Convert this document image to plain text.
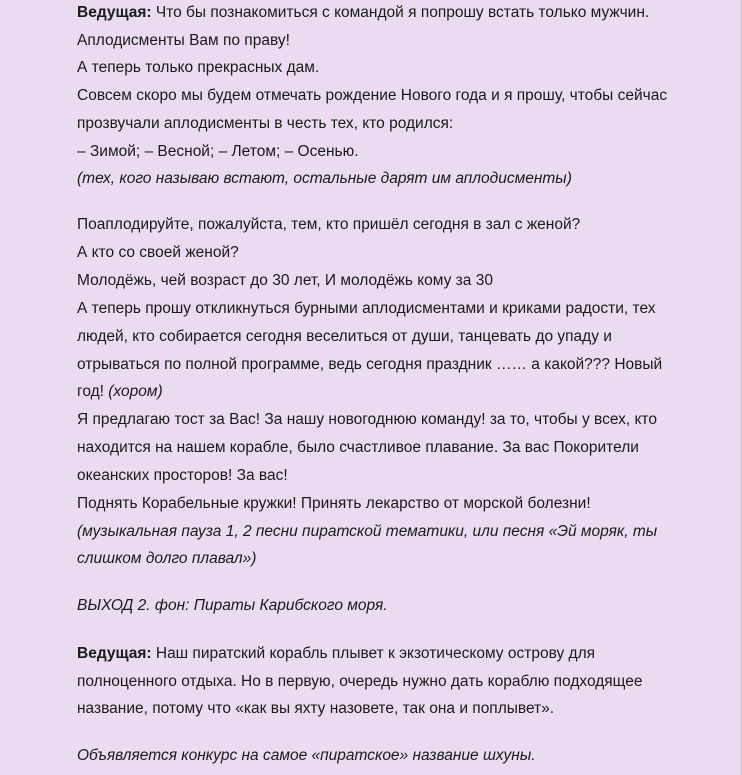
Ведущая: Что бы познакомиться с командой я попрошу встать только мужчин.
Аплодисменты Вам по праву!
А теперь только прекрасных дам.
Совсем скоро мы будем отмечать рождение Нового года и я прошу, чтобы сейчас
прозвучали аплодисменты в честь тех, кто родился:
– Зимой; – Весной; – Летом; – Осенью.
(тех, кого называю встают, остальные дарят им аплодисменты)
Поаплодируйте, пожалуйста, тем, кто пришёл сегодня в зал с женой?
А кто со своей женой?
Молодёжь, чей возраст до 30 лет, И молодёжь кому за 30
А теперь прошу откликнуться бурными аплодисментами и криками радости, тех
людей, кто собирается сегодня веселиться от души, танцевать до упаду и
отрываться по полной программе, ведь сегодня праздник …… а какой??? Новый
год! (хором)
Я предлагаю тост за Вас! За нашу новогоднюю команду! за то, чтобы у всех, кто
находится на нашем корабле, было счастливое плавание. За вас Покорители
океанских просторов! За вас!
Поднять Корабельные кружки! Принять лекарство от морской болезни!
(музыкальная пауза 1, 2 песни пиратской тематики, или песня «Эй моряк, ты
слишком долго плавал»)
ВЫХОД 2. фон: Пираты Карибского моря.
Ведущая: Наш пиратский корабль плывет к экзотическому острову для
полноценного отдыха. Но в первую, очередь нужно дать кораблю подходящее
название, потому что «как вы яхту назовете, так она и поплывет».
Объявляется конкурс на самое «пиратское» название шхуны.
